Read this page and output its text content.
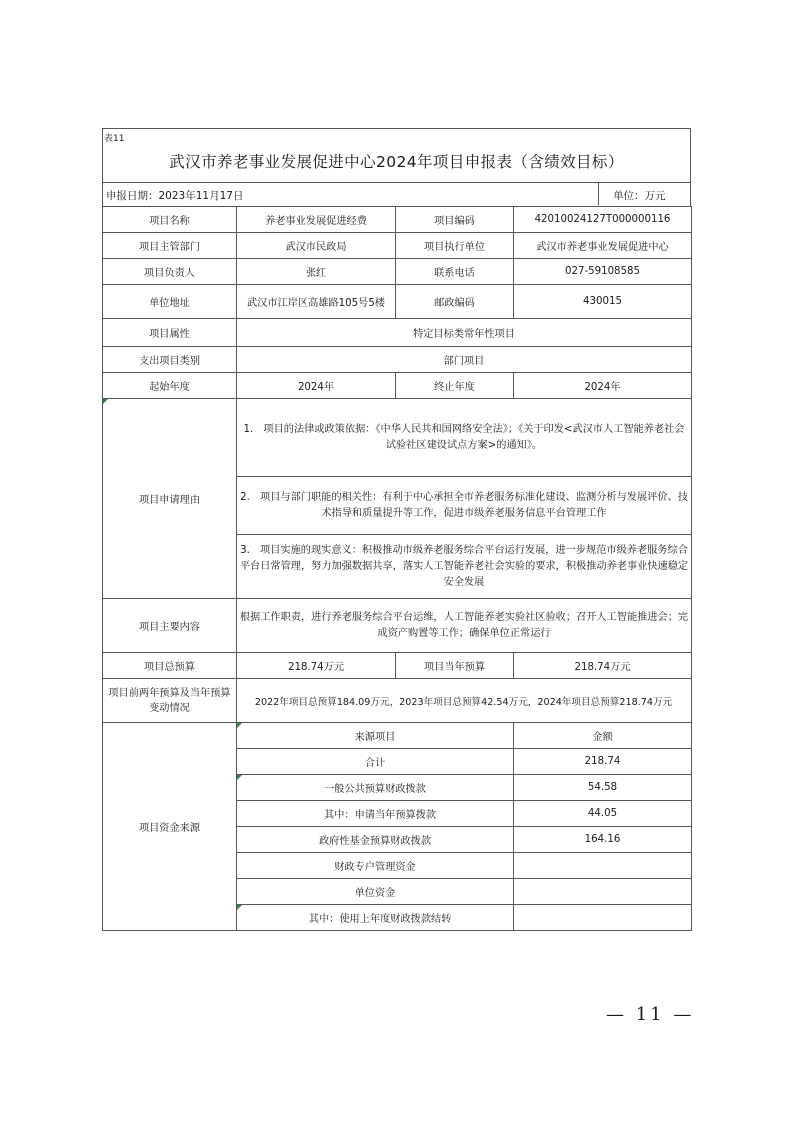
表11
武汉市养老事业发展促进中心2024年项目申报表（含绩效目标）
申报日期：2023年11月17日	单位：万元
项目名称	养老事业发展促进经费	项目编码	42010024127T000000116
项目主管部门	武汉市民政局	项目执行单位	武汉市养老事业发展促进中心
项目负责人	张红	联系电话	027-59108585
单位地址	武汉市江岸区高雄路105号5楼	邮政编码	430015
项目属性	特定目标类常年性项目		
支出项目类别	部门项目		
起始年度	2024年	终止年度	2024年
项目申请理由	1.　项目的法律或政策依据：《中华人民共和国网络安全法》；《关于印发<武汉市人工智能养老社会试验社区建设试点方案>的通知》。		
	2.　项目与部门职能的相关性：有利于中心承担全市养老服务标准化建设、监测分析与发展评价、技术指导和质量提升等工作，促进市级养老服务信息平台管理工作		
	3.　项目实施的现实意义：积极推动市级养老服务综合平台运行发展，进一步规范市级养老服务综合平台日常管理，努力加强数据共享，落实人工智能养老社会实验的要求，积极推动养老事业快速稳定安全发展		
项目主要内容	根据工作职责，进行养老服务综合平台运维，人工智能养老实验社区验收；召开人工智能推进会；完成资产购置等工作；确保单位正常运行		
项目总预算	218.74万元	项目当年预算	218.74万元
项目前两年预算及当年预算变动情况	2022年项目总预算184.09万元，2023年项目总预算42.54万元，2024年项目总预算218.74万元		
项目资金来源	来源项目		金额
	合计		218.74
	一般公共预算财政拨款		54.58
	　其中：申请当年预算拨款		44.05
	政府性基金预算财政拨款		164.16
	财政专户管理资金		
	单位资金		
	　其中：使用上年度财政拨款结转		
— 11 —
